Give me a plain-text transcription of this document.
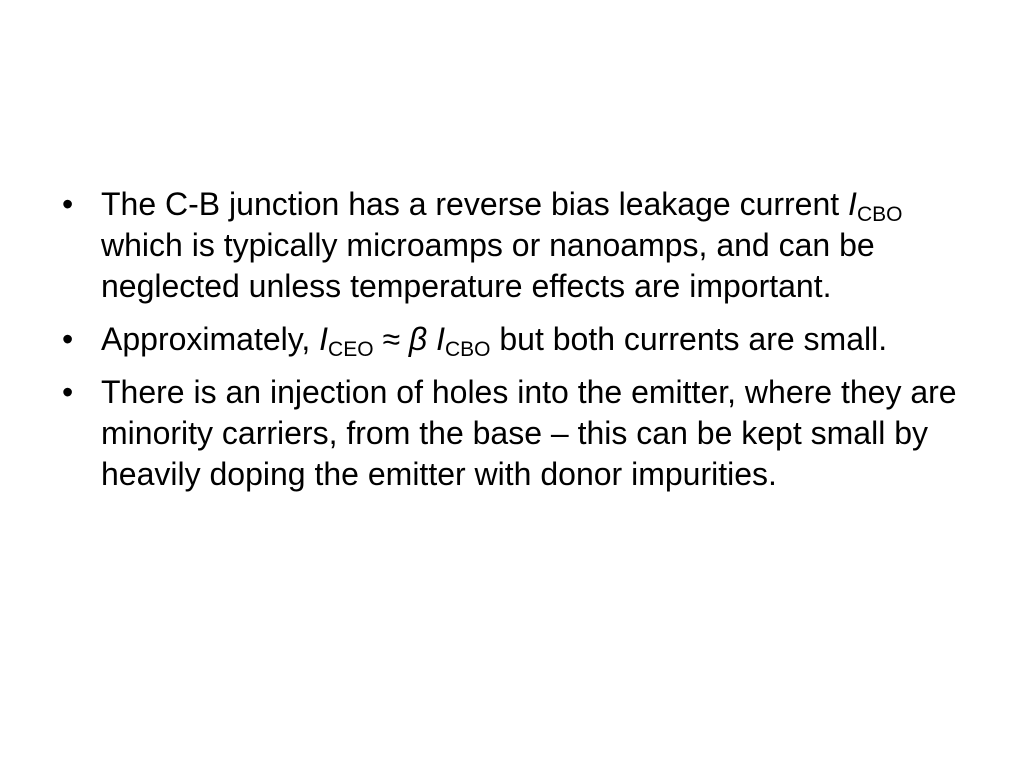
• The C-B junction has a reverse bias leakage current $I_{CBO}$ which is typically microamps or nanoamps, and can be neglected unless temperature effects are important.
• Approximately, $I_{CEO} \approx \beta$ $I_{CBO}$ but both currents are small.
• There is an injection of holes into the emitter, where they are minority carriers, from the base – this can be kept small by heavily doping the emitter with donor impurities.
